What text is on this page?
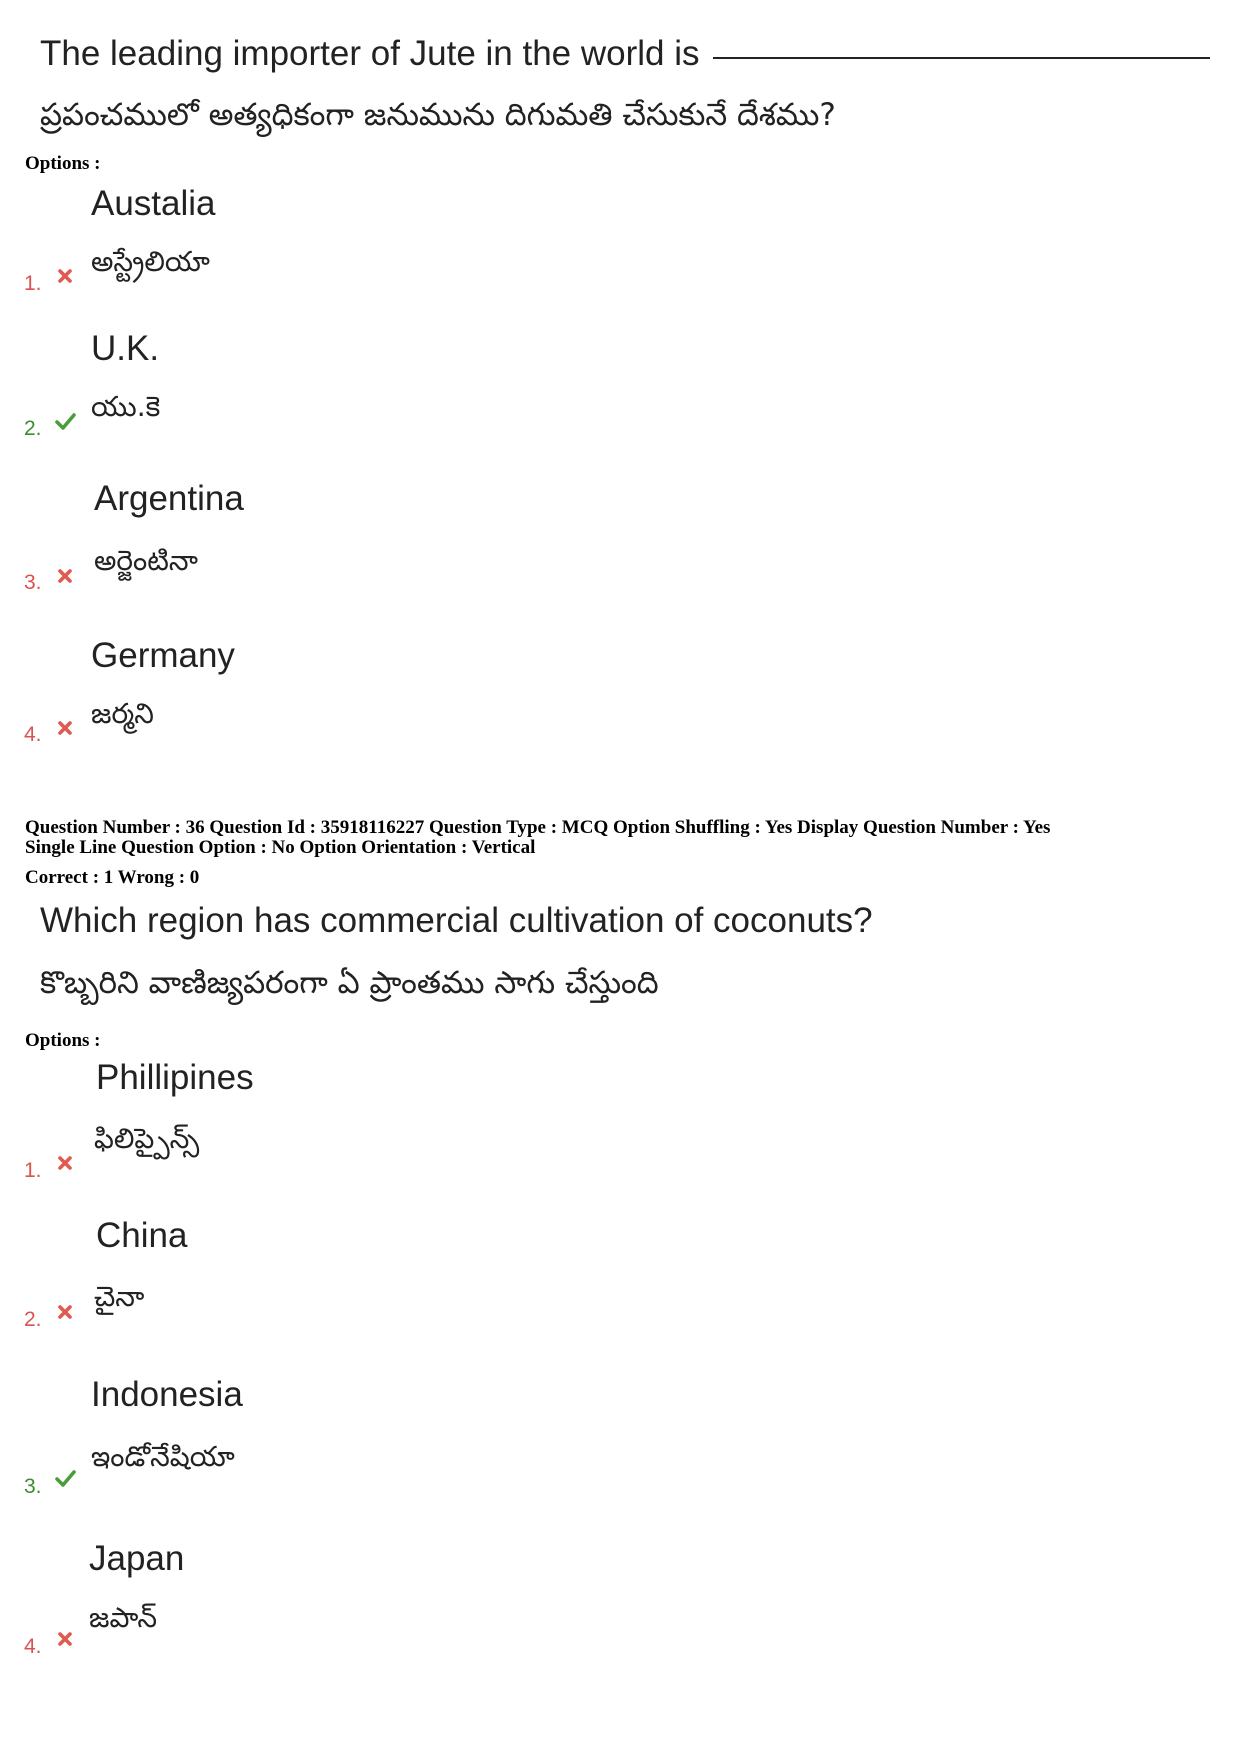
The leading importer of Jute in the world is
ప్రపంచములో అత్యధికంగా జనుమును దిగుమతి చేసుకునే దేశము?
Options :
Austalia
అస్ట్రేలియా
1.
U.K.
యు.కె
2.
Argentina
అర్జెంటినా
3.
Germany
జర్మని
4.
Question Number : 36 Question Id : 35918116227 Question Type : MCQ Option Shuffling : Yes Display Question Number : Yes
Single Line Question Option : No Option Orientation : Vertical
Correct : 1 Wrong : 0
Which region has commercial cultivation of coconuts?
కొబ్బరిని వాణిజ్యపరంగా ఏ ప్రాంతము సాగు చేస్తుంది
Options :
Phillipines
ఫిలిప్పైన్స్
1.
China
చైనా
2.
Indonesia
ఇండోనేషియా
3.
Japan
జపాన్
4.
